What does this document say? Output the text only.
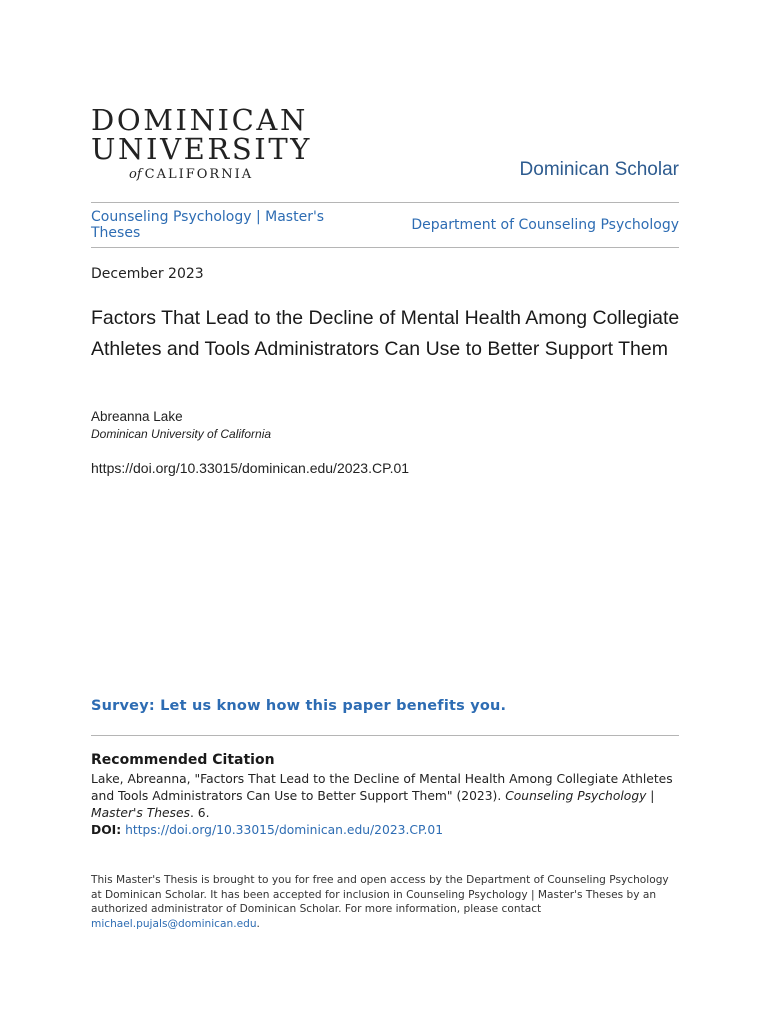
DOMINICAN
UNIVERSITY
of CALIFORNIA	Dominican Scholar
Counseling Psychology | Master's Theses	Department of Counseling Psychology
December 2023
Factors That Lead to the Decline of Mental Health Among Collegiate Athletes and Tools Administrators Can Use to Better Support Them
Abreanna Lake
Dominican University of California
https://doi.org/10.33015/dominican.edu/2023.CP.01
Survey: Let us know how this paper benefits you.
Recommended Citation
Lake, Abreanna, "Factors That Lead to the Decline of Mental Health Among Collegiate Athletes and Tools Administrators Can Use to Better Support Them" (2023). Counseling Psychology | Master's Theses. 6.
DOI: https://doi.org/10.33015/dominican.edu/2023.CP.01
This Master's Thesis is brought to you for free and open access by the Department of Counseling Psychology at Dominican Scholar. It has been accepted for inclusion in Counseling Psychology | Master's Theses by an authorized administrator of Dominican Scholar. For more information, please contact michael.pujals@dominican.edu.
